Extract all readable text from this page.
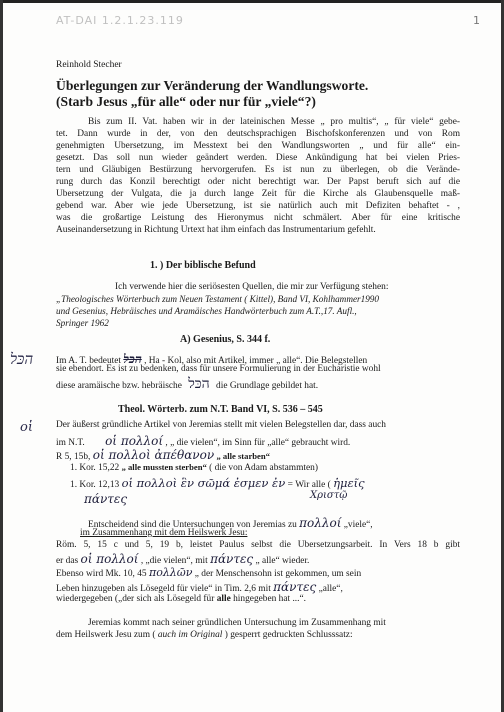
AT-DAI 1.2.1.23.119	1
Reinhold Stecher
Überlegungen zur Veränderung der Wandlungsworte.
(Starb Jesus „für alle“ oder nur für „viele“?)
Bis zum II. Vat. haben wir in der lateinischen Messe „ pro multis“, „ für viele“ gebe-
tet. Dann wurde in der, von den deutschsprachigen Bischofskonferenzen und von Rom
genehmigten Übersetzung, im Messtext bei den Wandlungsworten „ und für alle“ ein-
gesetzt. Das soll nun wieder geändert werden. Diese Ankündigung hat bei vielen Pries-
tern und Gläubigen Bestürzung hervorgerufen. Es ist nun zu überlegen, ob die Verände-
rung durch das Konzil berechtigt oder nicht berechtigt war. Der Papst beruft sich auf die
Übersetzung der Vulgata, die ja durch lange Zeit für die Kirche als Glaubensquelle maß-
gebend war. Aber wie jede Übersetzung, ist sie natürlich auch mit Defiziten behaftet - ,
was die großartige Leistung des Hieronymus nicht schmälert. Aber für eine kritische
Auseinandersetzung in Richtung Urtext hat ihm einfach das Instrumentarium gefehlt.
1. ) Der biblische Befund
Ich verwende hier die seriösesten Quellen, die mir zur Verfügung stehen:
„Theologisches Wörterbuch zum Neuen Testament ( Kittel), Band VI, Kohlhammer1990
und Gesenius, Hebräisches und Aramäisches Handwörterbuch zum A.T.,17. Aufl.,
Springer 1962
A) Gesenius, S. 344 f.
הכּל Im A. T. bedeutet הכּל , Ha - Kol, also mit Artikel, immer „ alle“. Die Belegstellen
sie ebendort. Es ist zu bedenken, dass für unsere Formulierung in der Eucharistie wohl
diese aramäische bzw. hebräische הכּל die Grundlage gebildet hat.
Theol. Wörterb. zum N.T. Band VI, S. 536 – 545
οἱ Der äußerst gründliche Artikel von Jeremias stellt mit vielen Belegstellen dar, dass auch
im N.T. οἱ πολλοί , „ die vielen“, im Sinn für „alle“ gebraucht wird.
R 5, 15b, οἱ πολλοὶ ἀπέθανον „ alle starben“
1. Kor. 15,22 „ alle mussten sterben“ ( die von Adam abstammten)
1. Kor. 12,13 οἱ πολλοὶ ἓν σῶμά ἐσμεν ἐν = Wir alle ( ἡμεῖς
πάντες	Χριστῷ
Entscheidend sind die Untersuchungen von Jeremias zu πολλοί „viele“,
im Zusammenhang mit dem Heilswerk Jesu:
Röm. 5, 15 c und 5, 19 b, leistet Paulus selbst die Übersetzungsarbeit. In Vers 18 b gibt
er das οἱ πολλοί , „die vielen“, mit πάντες „ alle“ wieder.
Ebenso wird Mk. 10, 45 πολλῶν „ der Menschensohn ist gekommen, um sein
Leben hinzugeben als Lösegeld für viele“ in Tim. 2,6 mit πάντες „alle“,
wiedergegeben („der sich als Lösegeld für alle hingegeben hat ...“.
Jeremias kommt nach seiner gründlichen Untersuchung im Zusammenhang mit
dem Heilswerk Jesu zum ( auch im Original ) gesperrt gedruckten Schlusssatz:
